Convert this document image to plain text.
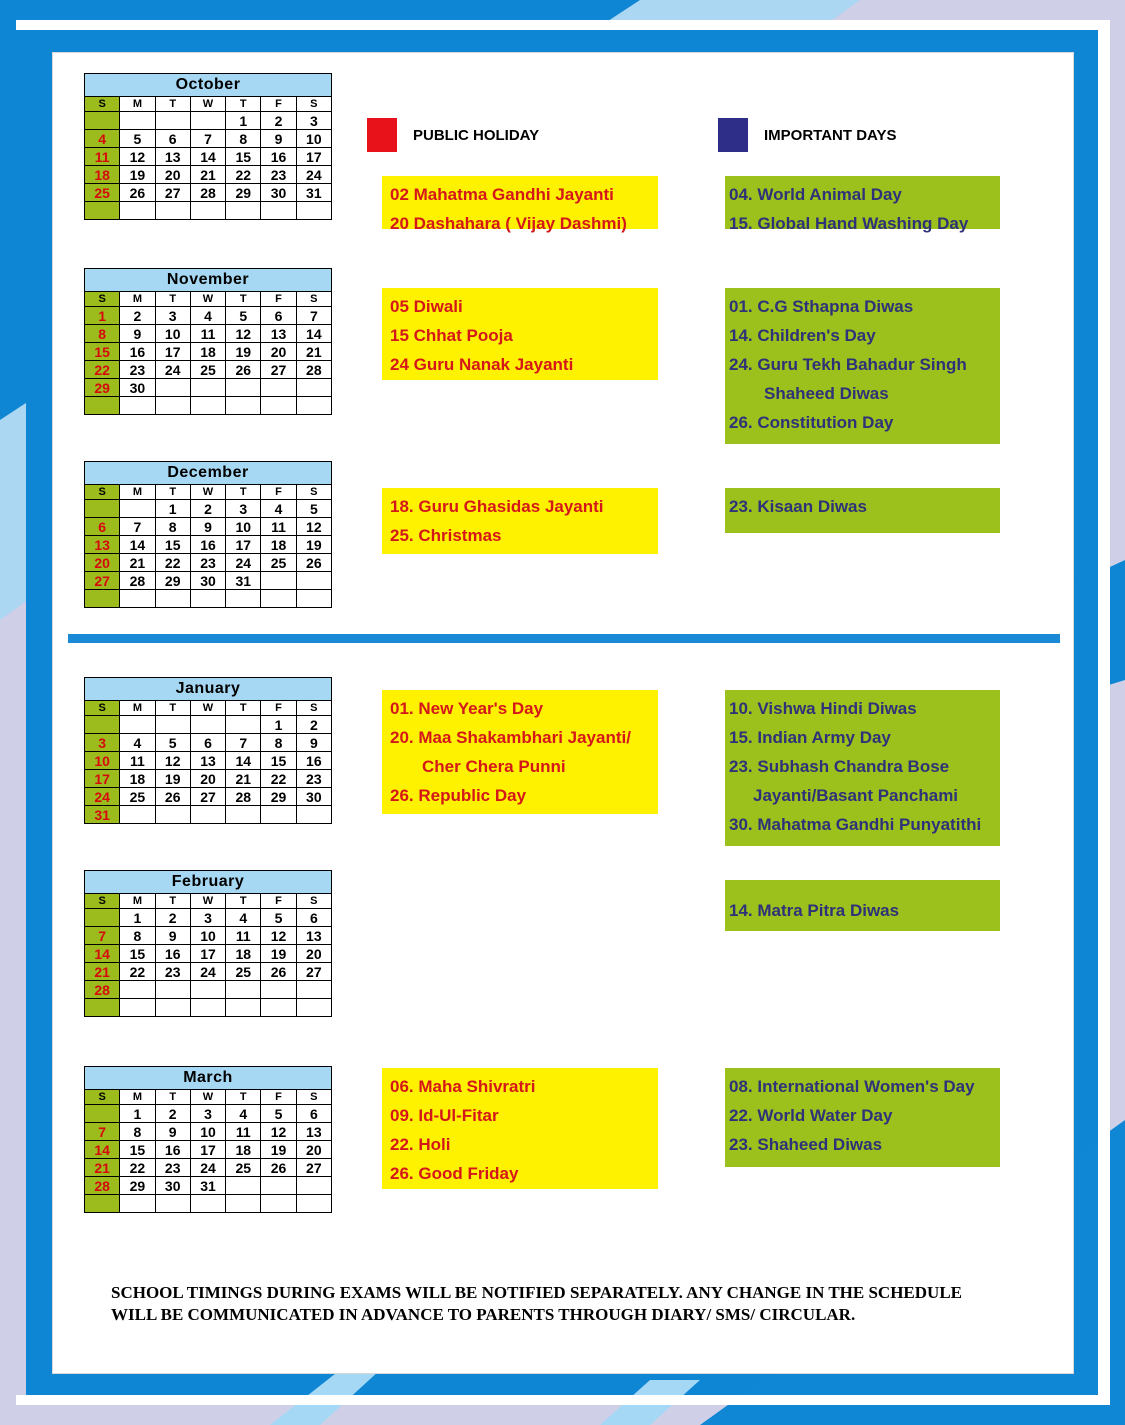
PUBLIC HOLIDAY	IMPORTANT DAYS
October						
S	M	T	W	T	F	S
				1	2	3
4	5	6	7	8	9	10
11	12	13	14	15	16	17
18	19	20	21	22	23	24
25	26	27	28	29	30	31
							02 Mahatma Gandhi Jayanti
20 Dashahara ( Vijay Dashmi)
04. World Animal Day
15. Global Hand Washing Day
November						
S	M	T	W	T	F	S
1	2	3	4	5	6	7
8	9	10	11	12	13	14
15	16	17	18	19	20	21
22	23	24	25	26	27	28
29	30					

05 Diwali
15 Chhat Pooja
24 Guru Nanak Jayanti
01. C.G Sthapna Diwas
14. Children's Day
24. Guru Tekh Bahadur Singh
Shaheed Diwas
26. Constitution Day
December						
S	M	T	W	T	F	S
		1	2	3	4	5
6	7	8	9	10	11	12
13	14	15	16	17	18	19
20	21	22	23	24	25	26
27	28	29	30	31		

18. Guru Ghasidas Jayanti
25. Christmas
23. Kisaan Diwas
January						
S	M	T	W	T	F	S
					1	2
3	4	5	6	7	8	9
10	11	12	13	14	15	16
17	18	19	20	21	22	23
24	25	26	27	28	29	30
31						
01. New Year's Day
20. Maa Shakambhari Jayanti/
Cher Chera Punni
26. Republic Day
10. Vishwa Hindi Diwas
15. Indian Army Day
23. Subhash Chandra Bose
Jayanti/Basant Panchami
30. Mahatma Gandhi Punyatithi
February						
S	M	T	W	T	F	S
	1	2	3	4	5	6
7	8	9	10	11	12	13
14	15	16	17	18	19	20
21	22	23	24	25	26	27
28						

14. Matra Pitra Diwas
March						
S	M	T	W	T	F	S
	1	2	3	4	5	6
7	8	9	10	11	12	13
14	15	16	17	18	19	20
21	22	23	24	25	26	27
28	29	30	31			

06. Maha Shivratri
09. Id-Ul-Fitar
22. Holi
26. Good Friday
08. International Women's Day
22. World Water Day
23. Shaheed Diwas
SCHOOL TIMINGS DURING EXAMS WILL BE NOTIFIED SEPARATELY. ANY CHANGE IN THE SCHEDULE
WILL BE COMMUNICATED IN ADVANCE TO PARENTS THROUGH DIARY/ SMS/ CIRCULAR.
